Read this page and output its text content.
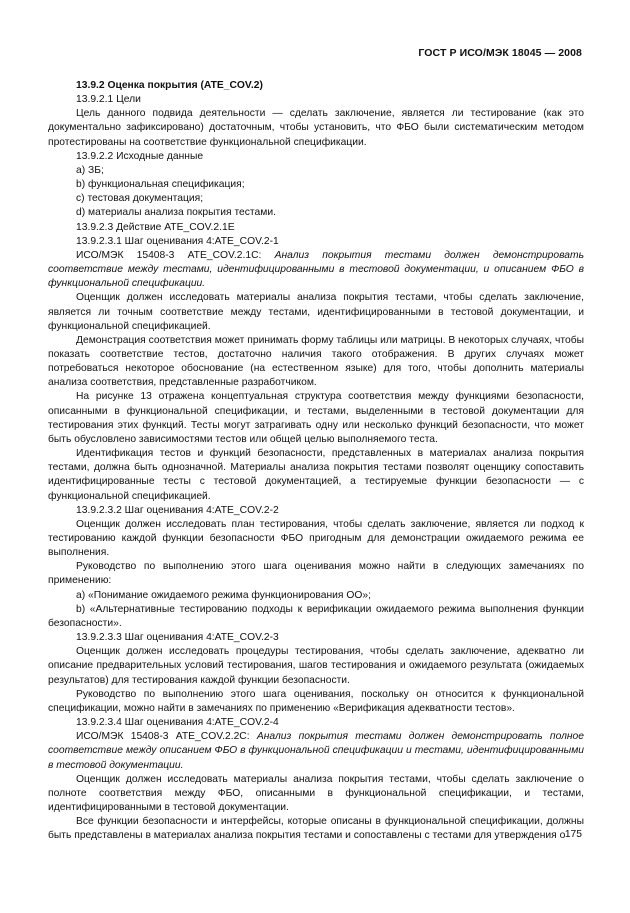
ГОСТ Р ИСО/МЭК 18045 — 2008

13.9.2 Оценка покрытия (ATE_COV.2)

13.9.2.1 Цели

Цель данного подвида деятельности — сделать заключение, является ли тестирование (как это документально зафиксировано) достаточным, чтобы установить, что ФБО были систематическим методом протестированы на соответствие функциональной спецификации.

13.9.2.2 Исходные данные

a) ЗБ;

b) функциональная спецификация;

c) тестовая документация;

d) материалы анализа покрытия тестами.

13.9.2.3 Действие ATE_COV.2.1E

13.9.2.3.1 Шаг оценивания 4:ATE_COV.2-1

ИСО/МЭК 15408-3 ATE_COV.2.1C: Анализ покрытия тестами должен демонстрировать соответствие между тестами, идентифицированными в тестовой документации, и описанием ФБО в функциональной спецификации.

Оценщик должен исследовать материалы анализа покрытия тестами, чтобы сделать заключение, является ли точным соответствие между тестами, идентифицированными в тестовой документации, и функциональной спецификацией.

Демонстрация соответствия может принимать форму таблицы или матрицы. В некоторых случаях, чтобы показать соответствие тестов, достаточно наличия такого отображения. В других случаях может потребоваться некоторое обоснование (на естественном языке) для того, чтобы дополнить материалы анализа соответствия, представленные разработчиком.

На рисунке 13 отражена концептуальная структура соответствия между функциями безопасности, описанными в функциональной спецификации, и тестами, выделенными в тестовой документации для тестирования этих функций. Тесты могут затрагивать одну или несколько функций безопасности, что может быть обусловлено зависимостями тестов или общей целью выполняемого теста.

Идентификация тестов и функций безопасности, представленных в материалах анализа покрытия тестами, должна быть однозначной. Материалы анализа покрытия тестами позволят оценщику сопоставить идентифицированные тесты с тестовой документацией, а тестируемые функции безопасности — с функциональной спецификацией.

13.9.2.3.2 Шаг оценивания 4:ATE_COV.2-2

Оценщик должен исследовать план тестирования, чтобы сделать заключение, является ли подход к тестированию каждой функции безопасности ФБО пригодным для демонстрации ожидаемого режима ее выполнения.

Руководство по выполнению этого шага оценивания можно найти в следующих замечаниях по применению:

a) «Понимание ожидаемого режима функционирования ОО»;

b) «Альтернативные тестированию подходы к верификации ожидаемого режима выполнения функции безопасности».

13.9.2.3.3 Шаг оценивания 4:ATE_COV.2-3

Оценщик должен исследовать процедуры тестирования, чтобы сделать заключение, адекватно ли описание предварительных условий тестирования, шагов тестирования и ожидаемого результата (ожидаемых результатов) для тестирования каждой функции безопасности.

Руководство по выполнению этого шага оценивания, поскольку он относится к функциональной спецификации, можно найти в замечаниях по применению «Верификация адекватности тестов».

13.9.2.3.4 Шаг оценивания 4:ATE_COV.2-4

ИСО/МЭК 15408-3 ATE_COV.2.2C: Анализ покрытия тестами должен демонстрировать полное соответствие между описанием ФБО в функциональной спецификации и тестами, идентифицированными в тестовой документации.

Оценщик должен исследовать материалы анализа покрытия тестами, чтобы сделать заключение о полноте соответствия между ФБО, описанными в функциональной спецификации, и тестами, идентифицированными в тестовой документации.

Все функции безопасности и интерфейсы, которые описаны в функциональной спецификации, должны быть представлены в материалах анализа покрытия тестами и сопоставлены с тестами для утверждения о 175
